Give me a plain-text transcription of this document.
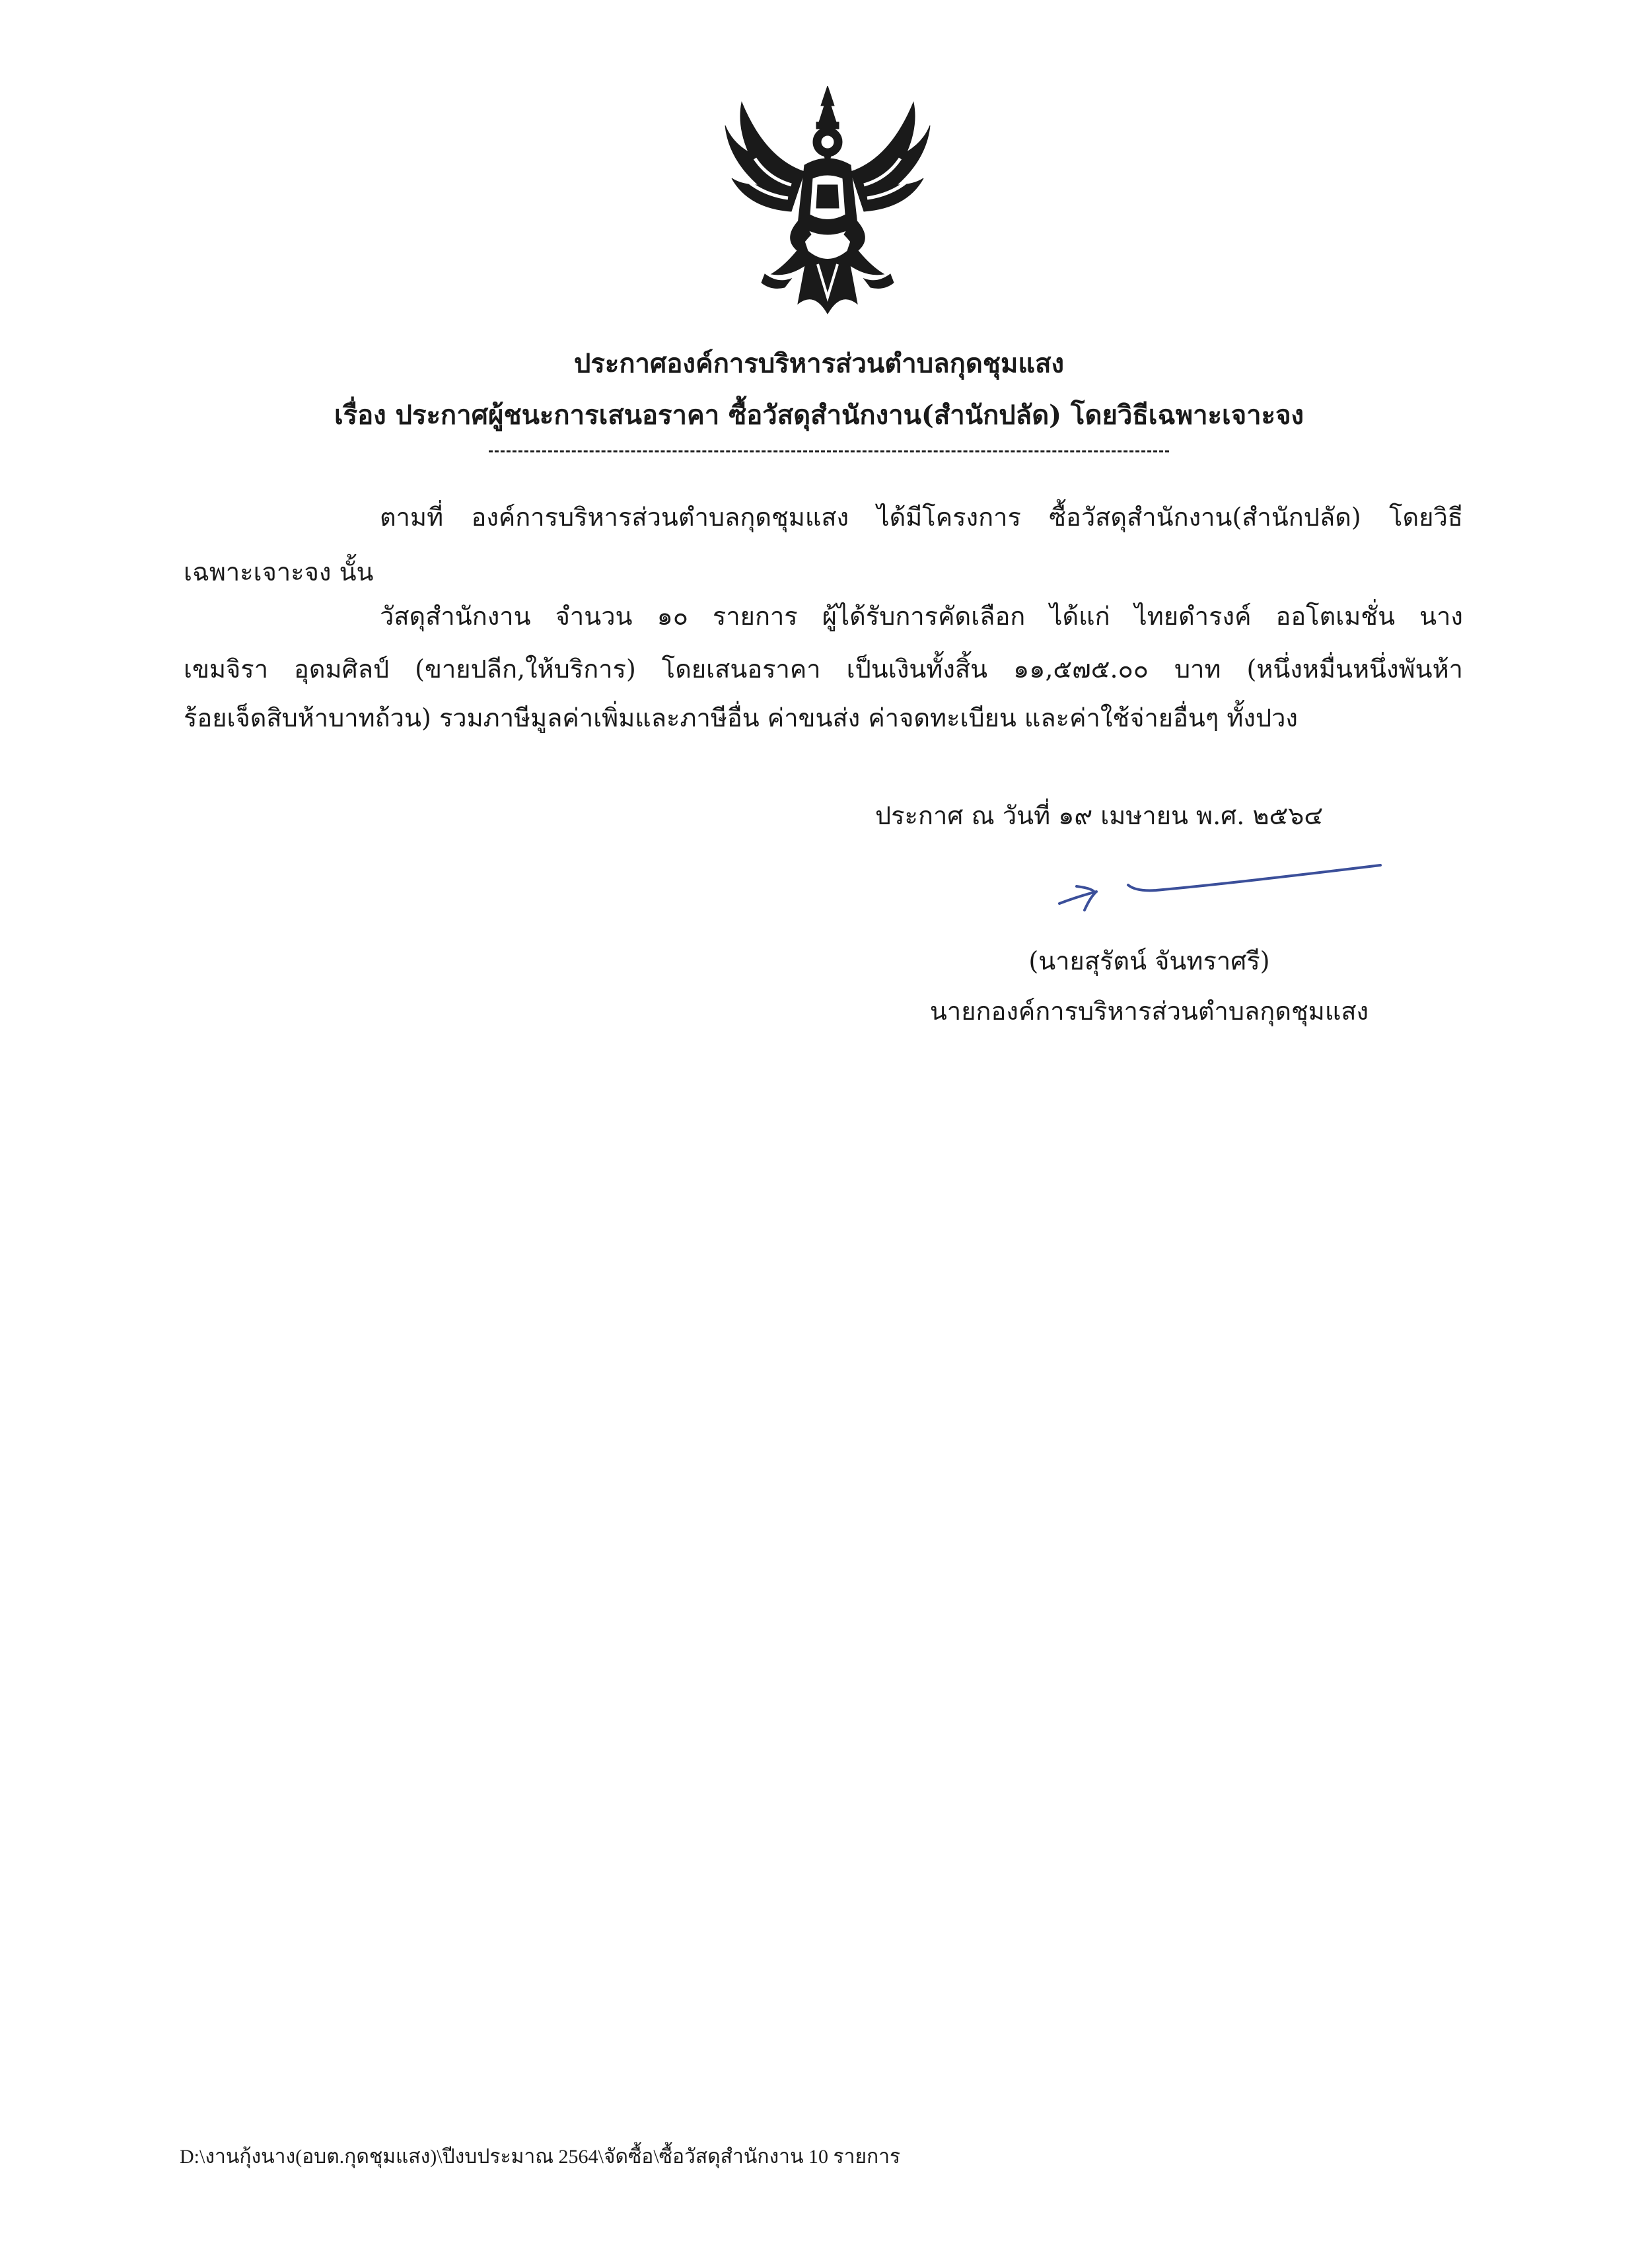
ประกาศองค์การบริหารส่วนตำบลกุดชุมแสง
เรื่อง ประกาศผู้ชนะการเสนอราคา ซื้อวัสดุสำนักงาน(สำนักปลัด) โดยวิธีเฉพาะเจาะจง
ตามที่ องค์การบริหารส่วนตำบลกุดชุมแสง ได้มีโครงการ ซื้อวัสดุสำนักงาน(สำนักปลัด) โดยวิธี
เฉพาะเจาะจง นั้น
วัสดุสำนักงาน จำนวน ๑๐ รายการ ผู้ได้รับการคัดเลือก ได้แก่ ไทยดำรงค์ ออโตเมชั่น นาง
เขมจิรา อุดมศิลป์ (ขายปลีก,ให้บริการ) โดยเสนอราคา เป็นเงินทั้งสิ้น ๑๑,๕๗๕.๐๐ บาท (หนึ่งหมื่นหนึ่งพันห้า
ร้อยเจ็ดสิบห้าบาทถ้วน) รวมภาษีมูลค่าเพิ่มและภาษีอื่น ค่าขนส่ง ค่าจดทะเบียน และค่าใช้จ่ายอื่นๆ ทั้งปวง
ประกาศ ณ วันที่ ๑๙ เมษายน พ.ศ. ๒๕๖๔
(นายสุรัตน์ จันทราศรี)
นายกองค์การบริหารส่วนตำบลกุดชุมแสง
D:\งานกุ้งนาง(อบต.กุดชุมแสง)\ปีงบประมาณ 2564\จัดซื้อ\ซื้อวัสดุสำนักงาน 10 รายการ
